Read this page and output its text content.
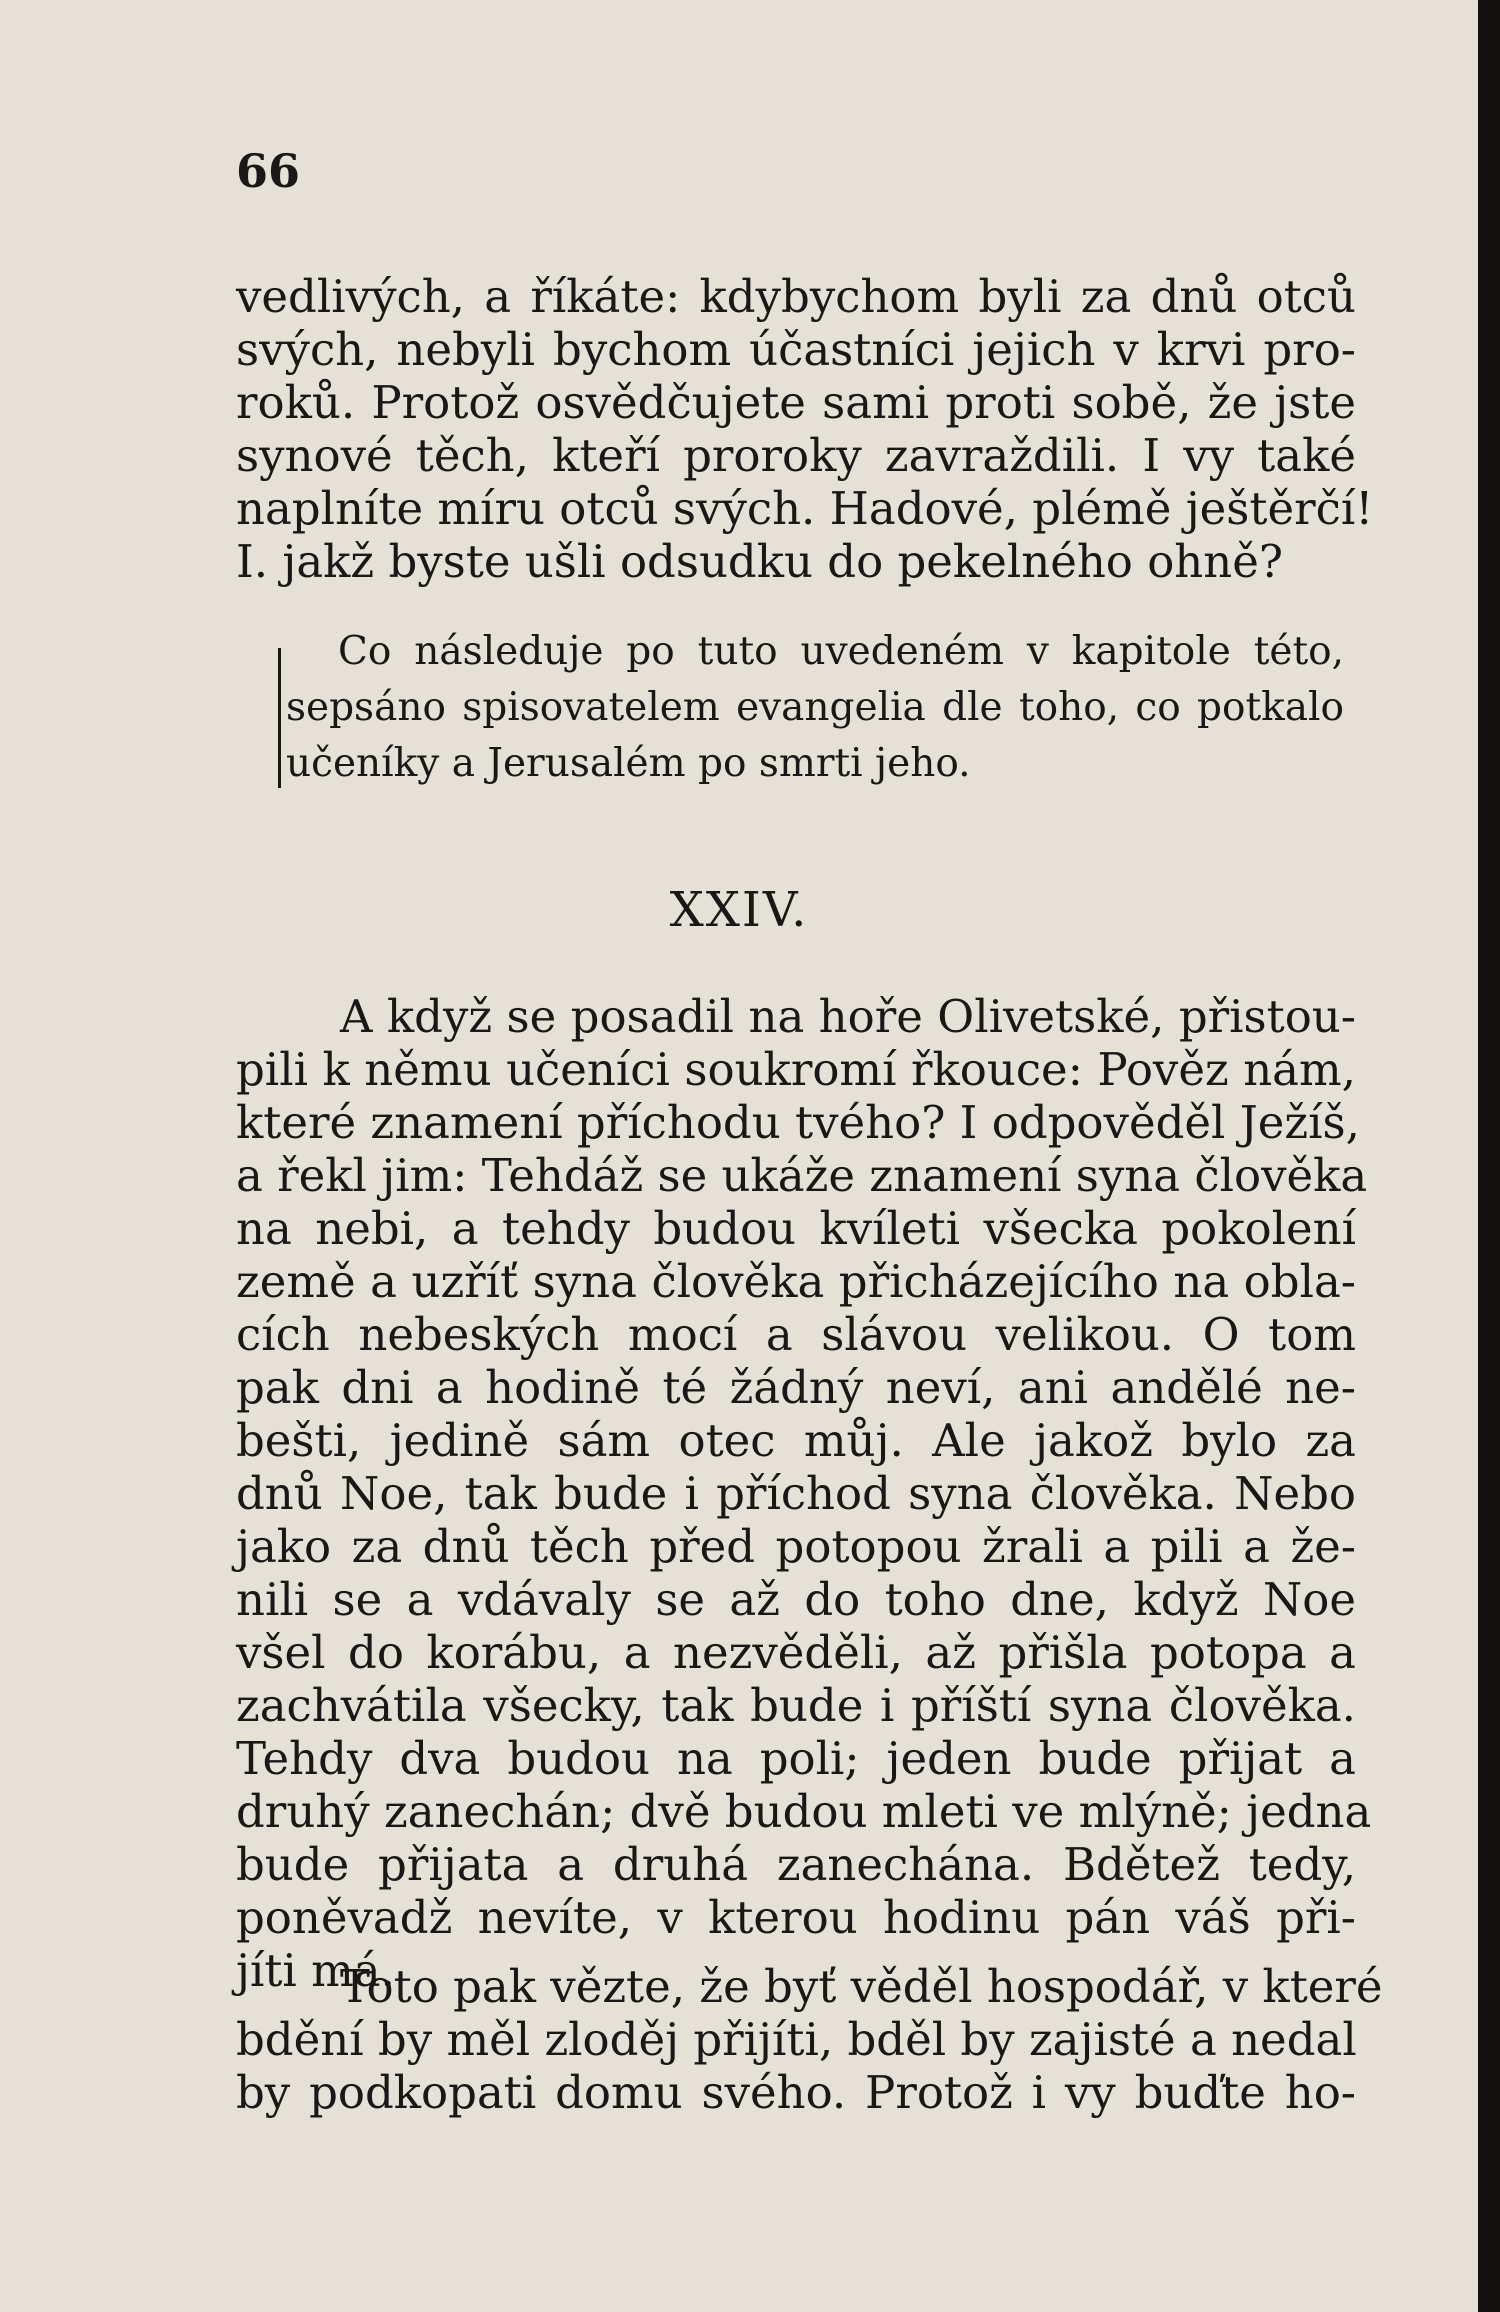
66
vedlivých, a říkáte: kdybychom byli za dnů otců
svých, nebyli bychom účastníci jejich v krvi pro-
roků. Protož osvědčujete sami proti sobě, že jste
synové těch, kteří proroky zavraždili. I vy také
naplníte míru otců svých. Hadové, plémě ještěrčí!
I. jakž byste ušli odsudku do pekelného ohně?
Co následuje po tuto uvedeném v kapitole této,
sepsáno spisovatelem evangelia dle toho, co potkalo
učeníky a Jerusalém po smrti jeho.
XXIV.
A když se posadil na hoře Olivetské, přistou-
pili k němu učeníci soukromí řkouce: Pověz nám,
které znamení příchodu tvého? I odpověděl Ježíš,
a řekl jim: Tehdáž se ukáže znamení syna člověka
na nebi, a tehdy budou kvíleti všecka pokolení
země a uzříť syna člověka přicházejícího na obla-
cích nebeských mocí a slávou velikou. O tom
pak dni a hodině té žádný neví, ani andělé ne-
bešti, jedině sám otec můj. Ale jakož bylo za
dnů Noe, tak bude i příchod syna člověka. Nebo
jako za dnů těch před potopou žrali a pili a že-
nili se a vdávaly se až do toho dne, když Noe
všel do korábu, a nezvěděli, až přišla potopa a
zachvátila všecky, tak bude i příští syna člověka.
Tehdy dva budou na poli; jeden bude přijat a
druhý zanechán; dvě budou mleti ve mlýně; jedna
bude přijata a druhá zanechána. Bdětež tedy,
poněvadž nevíte, v kterou hodinu pán váš při-
jíti má.
Toto pak vězte, že byť věděl hospodář, v které
bdění by měl zloděj přijíti, bděl by zajisté a nedal
by podkopati domu svého. Protož i vy buďte ho-
